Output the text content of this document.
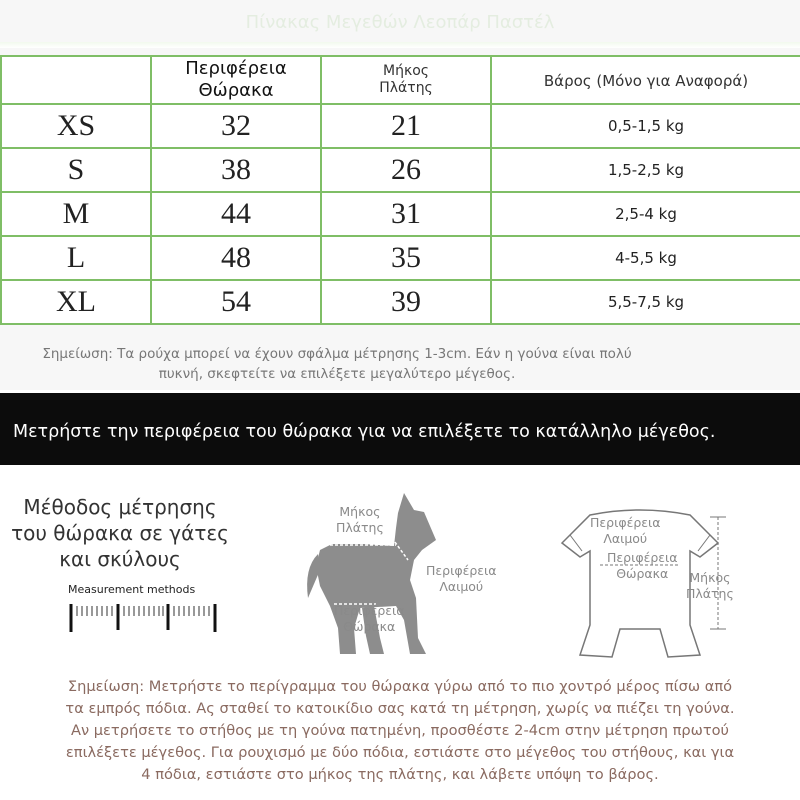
Πίνακας Μεγεθών Λεοπάρ Παστέλ

	Περιφέρεια Θώρακα	Μήκος Πλάτης	Βάρος (Μόνο για Αναφορά)
XS	32	21	0,5-1,5 kg
S	38	26	1,5-2,5 kg
M	44	31	2,5-4 kg
L	48	35	4-5,5 kg
XL	54	39	5,5-7,5 kg
Σημείωση: Τα ρούχα μπορεί να έχουν σφάλμα μέτρησης 1-3cm. Εάν η γούνα είναι πολύ πυκνή, σκεφτείτε να επιλέξετε μεγαλύτερο μέγεθος.
Μετρήστε την περιφέρεια του θώρακα για να επιλέξετε το κατάλληλο μέγεθος.
Μέθοδος μέτρησης
του θώρακα σε γάτες
και σκύλους
Measurement methods
Μήκος
Πλάτης
Περιφέρεια
Λαιμού
Περιφέρεια
Θώρακα
Περιφέρεια
Λαιμού
Περιφέρεια
Θώρακα	Μήκος
Πλάτης
Σημείωση: Μετρήστε το περίγραμμα του θώρακα γύρω από το πιο χοντρό μέρος πίσω από
τα εμπρός πόδια. Ας σταθεί το κατοικίδιο σας κατά τη μέτρηση, χωρίς να πιέζει τη γούνα.
Αν μετρήσετε το στήθος με τη γούνα πατημένη, προσθέστε 2-4cm στην μέτρηση πρωτού
επιλέξετε μέγεθος. Για ρουχισμό με δύο πόδια, εστιάστε στο μέγεθος του στήθους, και για
4 πόδια, εστιάστε στο μήκος της πλάτης, και λάβετε υπόψη το βάρος.
